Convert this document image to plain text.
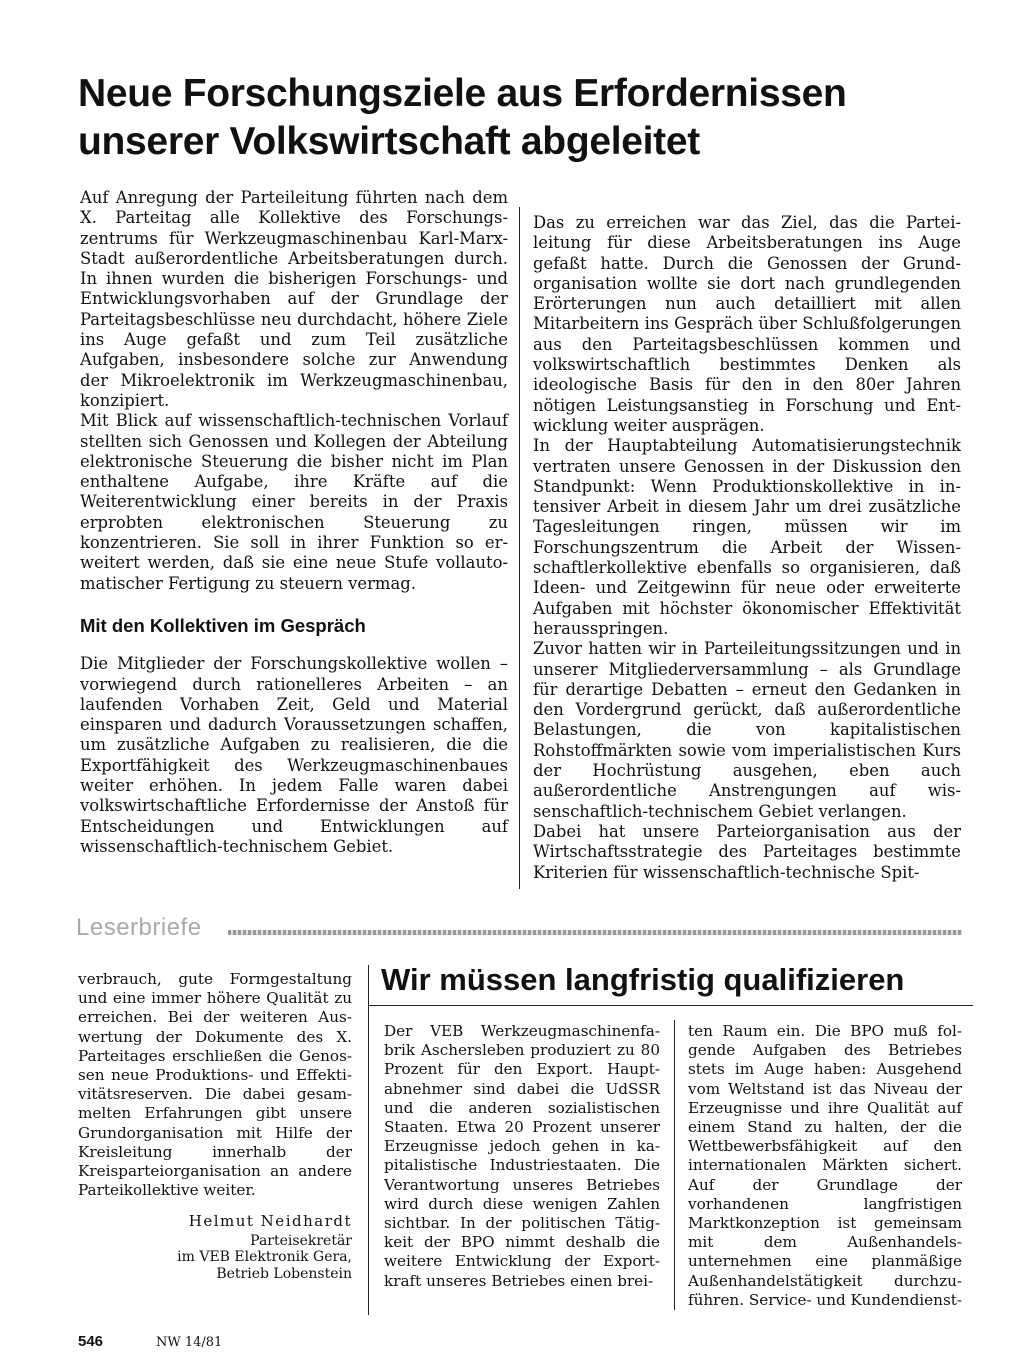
Neue Forschungsziele aus Erfordernissen
unserer Volkswirtschaft abgeleitet

Auf Anregung der Parteileitung führten nach dem X. Parteitag alle Kollektive des Forschungszentrums für Werkzeugmaschinenbau Karl-Marx-Stadt außerordentliche Arbeitsberatungen durch. In ihnen wurden die bisherigen Forschungs- und Entwicklungsvorhaben auf der Grundlage der Parteitagsbeschlüsse neu durchdacht, höhere Ziele ins Auge gefaßt und zum Teil zusätzliche Aufgaben, insbesondere solche zur Anwendung der Mikroelektronik im Werkzeugmaschinenbau, konzipiert.

Mit Blick auf wissenschaftlich-technischen Vorlauf stellten sich Genossen und Kollegen der Abteilung elektronische Steuerung die bisher nicht im Plan enthaltene Aufgabe, ihre Kräfte auf die Weiterentwicklung einer bereits in der Praxis erprobten elektronischen Steuerung zu konzentrieren. Sie soll in ihrer Funktion so erweitert werden, daß sie eine neue Stufe vollautomatischer Fertigung zu steuern vermag.

Mit den Kollektiven im Gespräch

Die Mitglieder der Forschungskollektive wollen – vorwiegend durch rationelleres Arbeiten – an laufenden Vorhaben Zeit, Geld und Material einsparen und dadurch Voraussetzungen schaffen, um zusätzliche Aufgaben zu realisieren, die die Exportfähigkeit des Werkzeugmaschinenbaues weiter erhöhen. In jedem Falle waren dabei volkswirtschaftliche Erfordernisse der Anstoß für Entscheidungen und Entwicklungen auf wissenschaftlich-technischem Gebiet.

Das zu erreichen war das Ziel, das die Parteileitung für diese Arbeitsberatungen ins Auge gefaßt hatte. Durch die Genossen der Grundorganisation wollte sie dort nach grundlegenden Erörterungen nun auch detailliert mit allen Mitarbeitern ins Gespräch über Schlußfolgerungen aus den Parteitagsbeschlüssen kommen und volkswirtschaftlich bestimmtes Denken als ideologische Basis für den in den 80er Jahren nötigen Leistungsanstieg in Forschung und Entwicklung weiter ausprägen.

In der Hauptabteilung Automatisierungstechnik vertraten unsere Genossen in der Diskussion den Standpunkt: Wenn Produktionskollektive in intensiver Arbeit in diesem Jahr um drei zusätzliche Tagesleitungen ringen, müssen wir im Forschungszentrum die Arbeit der Wissenschaftlerkollektive ebenfalls so organisieren, daß Ideen- und Zeitgewinn für neue oder erweiterte Aufgaben mit höchster ökonomischer Effektivität herausspringen.

Zuvor hatten wir in Parteileitungssitzungen und in unserer Mitgliederversammlung – als Grundlage für derartige Debatten – erneut den Gedanken in den Vordergrund gerückt, daß außerordentliche Belastungen, die von kapitalistischen Rohstoffmärkten sowie vom imperialistischen Kurs der Hochrüstung ausgehen, eben auch außerordentliche Anstrengungen auf wissenschaftlich-technischem Gebiet verlangen.

Dabei hat unsere Parteiorganisation aus der Wirtschaftsstrategie des Parteitages bestimmte Kriterien für wissenschaftlich-technische Spit-

Leserbriefe

verbrauch, gute Formgestaltung und eine immer höhere Qualität zu erreichen. Bei der weiteren Auswertung der Dokumente des X. Parteitages erschließen die Genossen neue Produktions- und Effektivitätsreserven. Die dabei gesammelten Erfahrungen gibt unsere Grundorganisation mit Hilfe der Kreisleitung innerhalb der Kreisparteiorganisation an andere Parteikollektive weiter.

Helmut Neidhardt
Parteisekretär
im VEB Elektronik Gera,
Betrieb Lobenstein
Wir müssen langfristig qualifizieren

Der VEB Werkzeugmaschinenfabrik Aschersleben produziert zu 80 Prozent für den Export. Hauptabnehmer sind dabei die UdSSR und die anderen sozialistischen Staaten. Etwa 20 Prozent unserer Erzeugnisse jedoch gehen in kapitalistische Industriestaaten. Die Verantwortung unseres Betriebes wird durch diese wenigen Zahlen sichtbar. In der politischen Tätigkeit der BPO nimmt deshalb die weitere Entwicklung der Exportkraft unseres Betriebes einen brei-

ten Raum ein. Die BPO muß folgende Aufgaben des Betriebes stets im Auge haben: Ausgehend vom Weltstand ist das Niveau der Erzeugnisse und ihre Qualität auf einem Stand zu halten, der die Wettbewerbsfähigkeit auf den internationalen Märkten sichert. Auf der Grundlage der vorhandenen langfristigen Marktkonzeption ist gemeinsam mit dem Außenhandelsunternehmen eine planmäßige Außenhandelstätigkeit durchzuführen. Service- und Kundendienst-

546	NW 14/81
